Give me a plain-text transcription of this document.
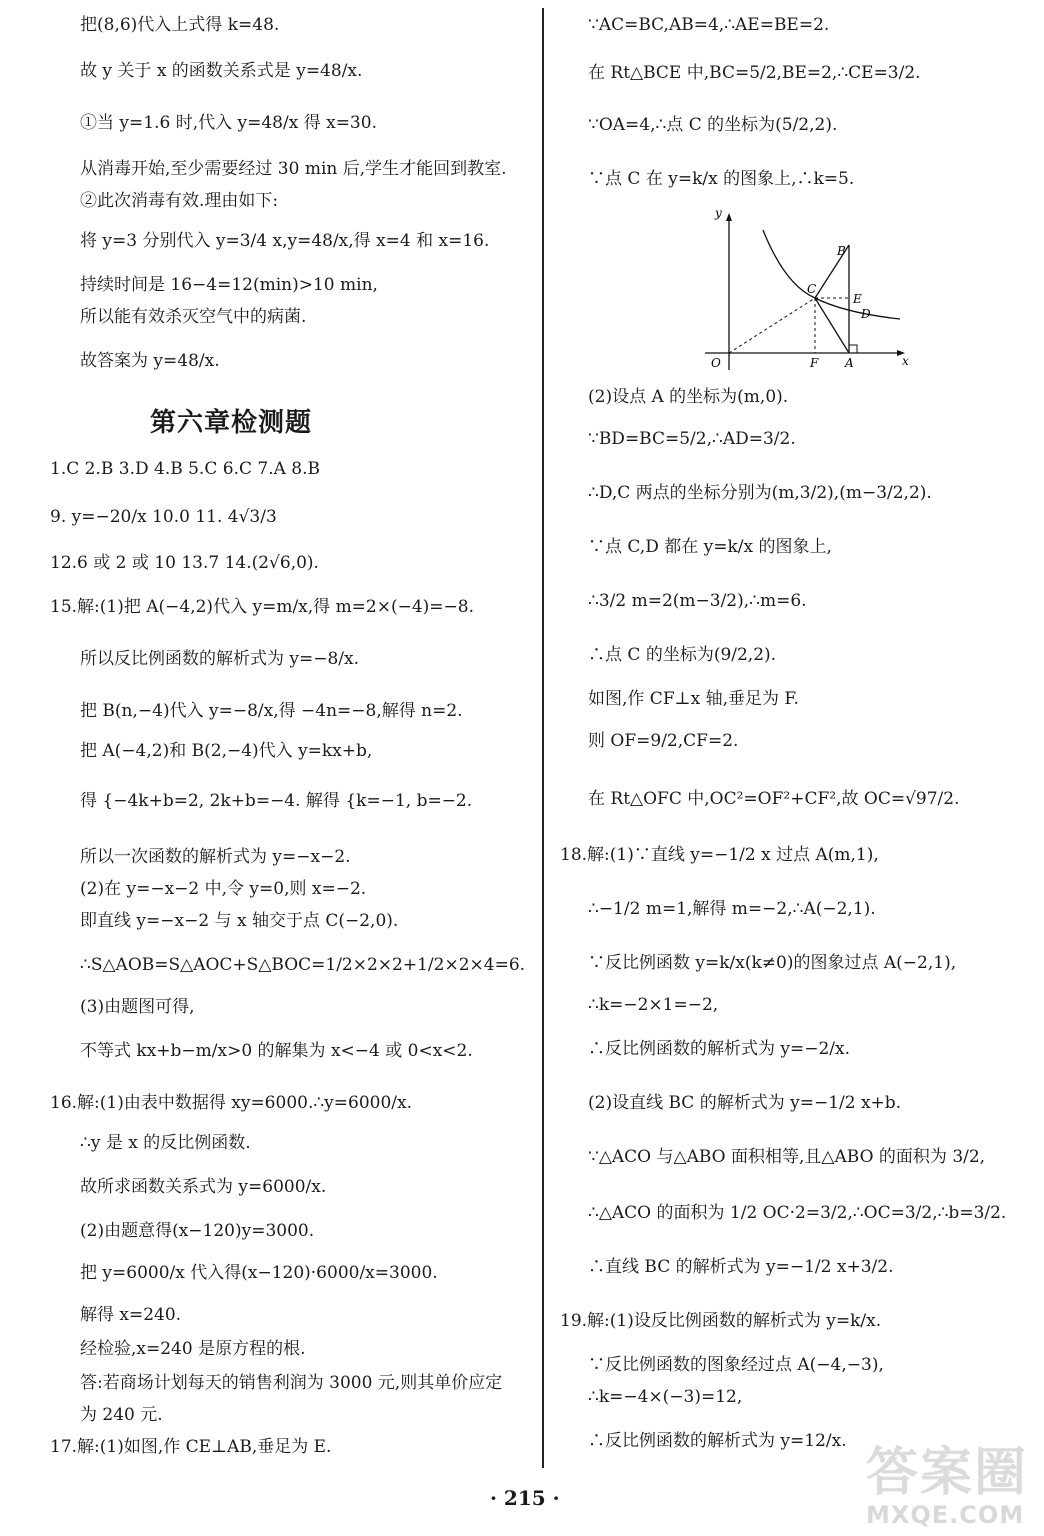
把(8,6)代入上式得 k=48.
故 y 关于 x 的函数关系式是 y=48/x.
①当 y=1.6 时,代入 y=48/x 得 x=30.
从消毒开始,至少需要经过 30 min 后,学生才能回到教室.
②此次消毒有效.理由如下:
将 y=3 分别代入 y=3/4 x,y=48/x,得 x=4 和 x=16.
持续时间是 16−4=12(min)>10 min,
所以能有效杀灭空气中的病菌.
故答案为 y=48/x.
1.C 2.B 3.D 4.B 5.C 6.C 7.A 8.B
9. y=−20/x 10.0 11. 4√3/3
12.6 或 2 或 10 13.7 14.(2√6,0).
15.解:(1)把 A(−4,2)代入 y=m/x,得 m=2×(−4)=−8.
所以反比例函数的解析式为 y=−8/x.
把 B(n,−4)代入 y=−8/x,得 −4n=−8,解得 n=2.
把 A(−4,2)和 B(2,−4)代入 y=kx+b,
得 {−4k+b=2, 2k+b=−4. 解得 {k=−1, b=−2.
所以一次函数的解析式为 y=−x−2.
(2)在 y=−x−2 中,令 y=0,则 x=−2.
即直线 y=−x−2 与 x 轴交于点 C(−2,0).
∴S△AOB=S△AOC+S△BOC=1/2×2×2+1/2×2×4=6.
(3)由题图可得,
不等式 kx+b−m/x>0 的解集为 x<−4 或 0<x<2.
16.解:(1)由表中数据得 xy=6000.∴y=6000/x.
∴y 是 x 的反比例函数.
故所求函数关系式为 y=6000/x.
(2)由题意得(x−120)y=3000.
把 y=6000/x 代入得(x−120)·6000/x=3000.
解得 x=240.
经检验,x=240 是原方程的根.
答:若商场计划每天的销售利润为 3000 元,则其单价应定
为 240 元.
17.解:(1)如图,作 CE⊥AB,垂足为 E.
第六章检测题
∵AC=BC,AB=4,∴AE=BE=2.
在 Rt△BCE 中,BC=5/2,BE=2,∴CE=3/2.
∵OA=4,∴点 C 的坐标为(5/2,2).
∵点 C 在 y=k/x 的图象上,∴k=5.
(2)设点 A 的坐标为(m,0).
∵BD=BC=5/2,∴AD=3/2.
∴D,C 两点的坐标分别为(m,3/2),(m−3/2,2).
∵点 C,D 都在 y=k/x 的图象上,
∴3/2 m=2(m−3/2),∴m=6.
∴点 C 的坐标为(9/2,2).
如图,作 CF⊥x 轴,垂足为 F.
则 OF=9/2,CF=2.
在 Rt△OFC 中,OC²=OF²+CF²,故 OC=√97/2.
18.解:(1)∵直线 y=−1/2 x 过点 A(m,1),
∴−1/2 m=1,解得 m=−2,∴A(−2,1).
∵反比例函数 y=k/x(k≠0)的图象过点 A(−2,1),
∴k=−2×1=−2,
∴反比例函数的解析式为 y=−2/x.
(2)设直线 BC 的解析式为 y=−1/2 x+b.
∵△ACO 与△ABO 面积相等,且△ABO 的面积为 3/2,
∴△ACO 的面积为 1/2 OC·2=3/2,∴OC=3/2,∴b=3/2.
∴直线 BC 的解析式为 y=−1/2 x+3/2.
19.解:(1)设反比例函数的解析式为 y=k/x.
∵反比例函数的图象经过点 A(−4,−3),
∴k=−4×(−3)=12,
∴反比例函数的解析式为 y=12/x.
y
x
O	F A
B
C
E
D
· 215 ·	答案圈
MXQE.COM
